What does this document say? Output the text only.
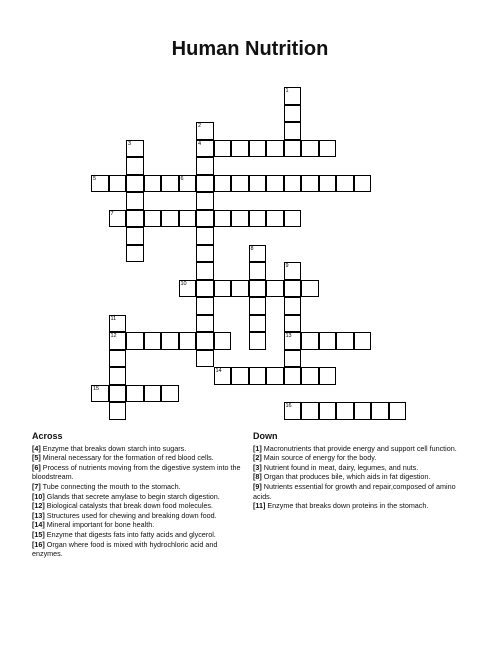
Human Nutrition
1
2
4
3
5	6
7
8
9
13
10
11
12
14
15
16
Across

[4] Enzyme that breaks down starch into sugars.

[5] Mineral necessary for the formation of red blood cells.

[6] Process of nutrients moving from the digestive system into the bloodstream.

[7] Tube connecting the mouth to the stomach.

[10] Glands that secrete amylase to begin starch digestion.

[12] Biological catalysts that break down food molecules.

[13] Structures used for chewing and breaking down food.

[14] Mineral important for bone health.

[15] Enzyme that digests fats into fatty acids and glycerol.

[16] Organ where food is mixed with hydrochloric acid and enzymes.

Down

[1] Macronutrients that provide energy and support cell function.

[2] Main source of energy for the body.

[3] Nutrient found in meat, dairy, legumes, and nuts.

[8] Organ that produces bile, which aids in fat digestion.

[9] Nutrients essential for growth and repair,composed of amino acids.

[11] Enzyme that breaks down proteins in the stomach.
